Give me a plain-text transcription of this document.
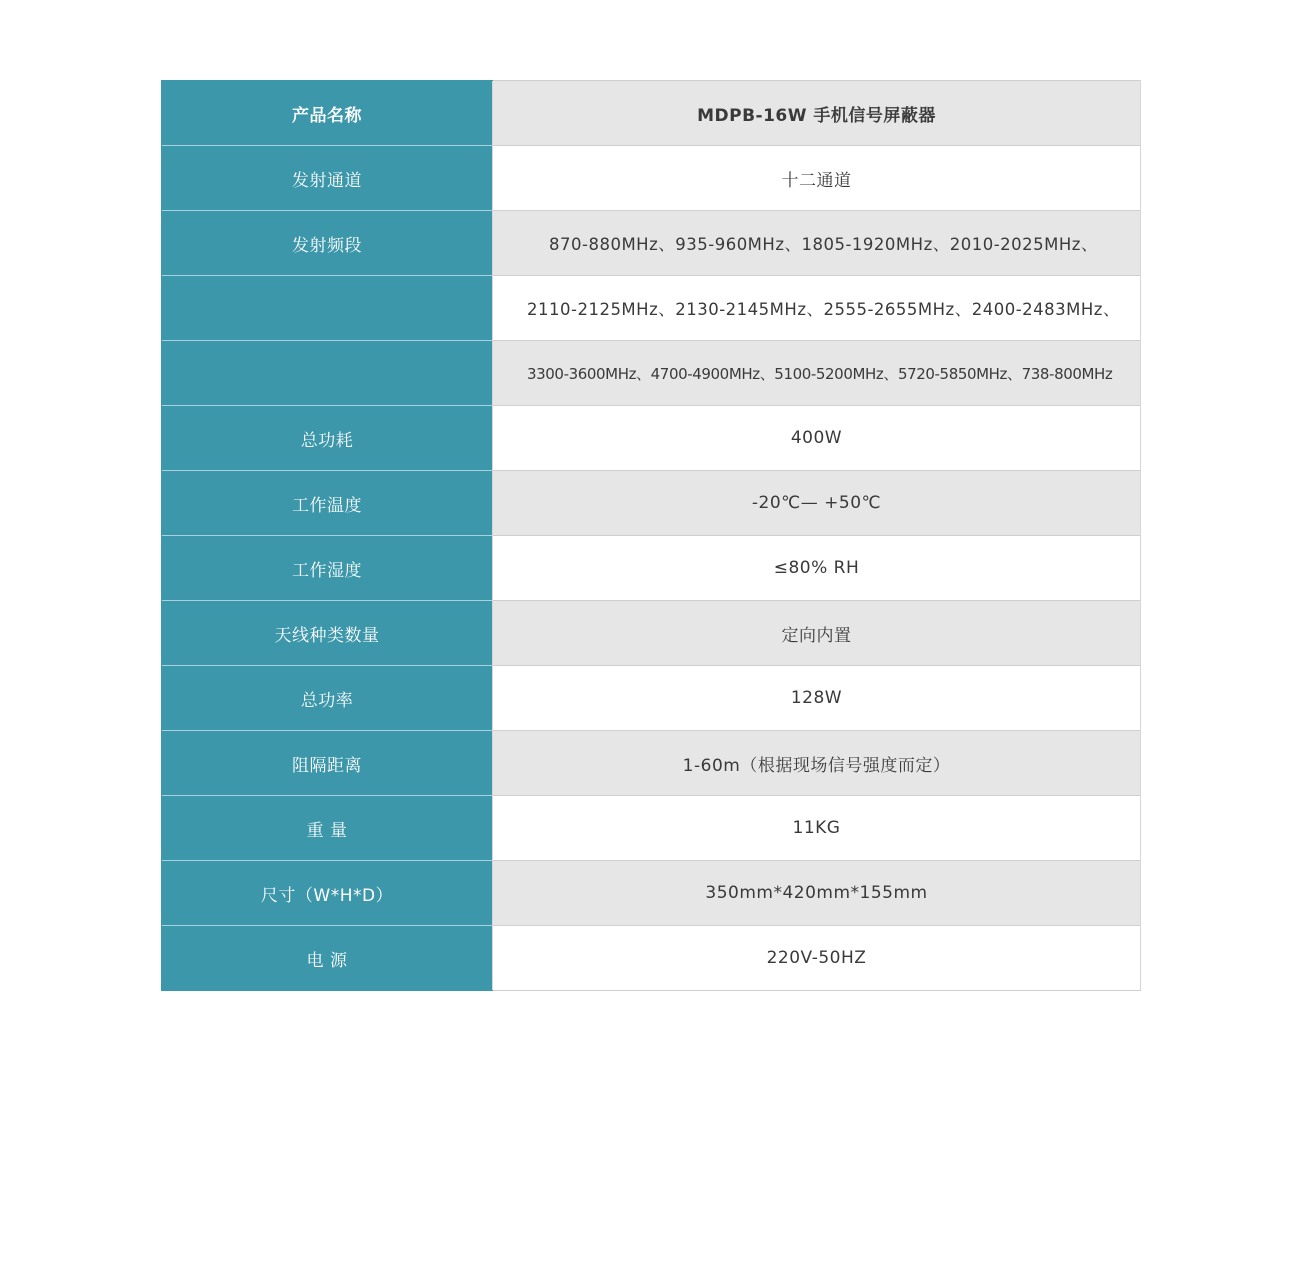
产品名称	MDPB-16W 手机信号屏蔽器
发射通道	十二通道
发射频段	870-880MHz、935-960MHz、1805-1920MHz、2010-2025MHz、
	2110-2125MHz、2130-2145MHz、2555-2655MHz、2400-2483MHz、
	3300-3600MHz、4700-4900MHz、5100-5200MHz、5720-5850MHz、738-800MHz
总功耗	400W
工作温度	-20℃— +50℃
工作湿度	≤80% RH
天线种类数量	定向内置
总功率	128W
阻隔距离	1-60m（根据现场信号强度而定）
重 量	11KG
尺寸（W*H*D）	350mm*420mm*155mm
电 源	220V-50HZ
